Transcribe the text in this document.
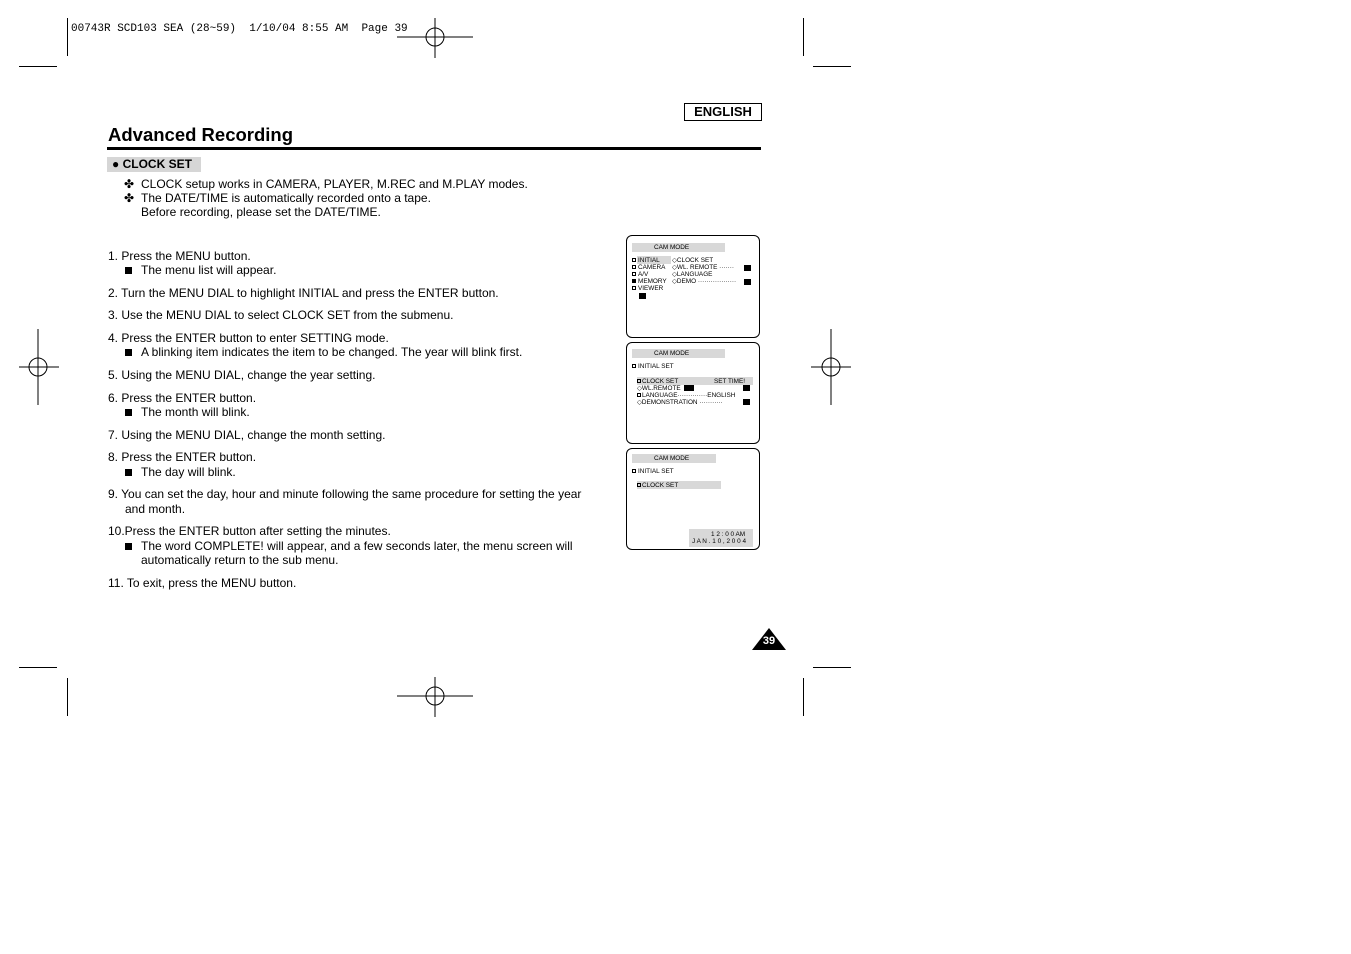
00743R SCD103 SEA (28~59)  1/10/04 8:55 AM  Page 39
ENGLISH
Advanced Recording
● CLOCK SET
✤ CLOCK setup works in CAMERA, PLAYER, M.REC and M.PLAY modes.
✤ The DATE/TIME is automatically recorded onto a tape.
Before recording, please set the DATE/TIME.
1. Press the MENU button.
The menu list will appear.
2. Turn the MENU DIAL to highlight INITIAL and press the ENTER button.
3. Use the MENU DIAL to select CLOCK SET from the submenu.
4. Press the ENTER button to enter SETTING mode.
A blinking item indicates the item to be changed. The year will blink first.
5. Using the MENU DIAL, change the year setting.
6. Press the ENTER button.
The month will blink.
7. Using the MENU DIAL, change the month setting.
8. Press the ENTER button.
The day will blink.
9. You can set the day, hour and minute following the same procedure for setting the year
and month.
10.Press the ENTER button after setting the minutes.
The word COMPLETE! will appear, and a few seconds later, the menu screen will
automatically return to the sub menu.
11. To exit, press the MENU button.
CAM MODE
INITIAL
CAMERA
A/V
MEMORY
VIEWER
◇CLOCK SET
◇WL. REMOTE ·······
◇LANGUAGE
◇DEMO ··················
CAM MODE
INITIAL SET
CLOCK SET	SET TIME!
◇WL.REMOTE
LANGUAGE··············ENGLISH
◇DEMONSTRATION ···········
CAM MODE
INITIAL SET
CLOCK SET
1 2 : 0 0 AM
J A N . 1 0 , 2 0 0 4
39
